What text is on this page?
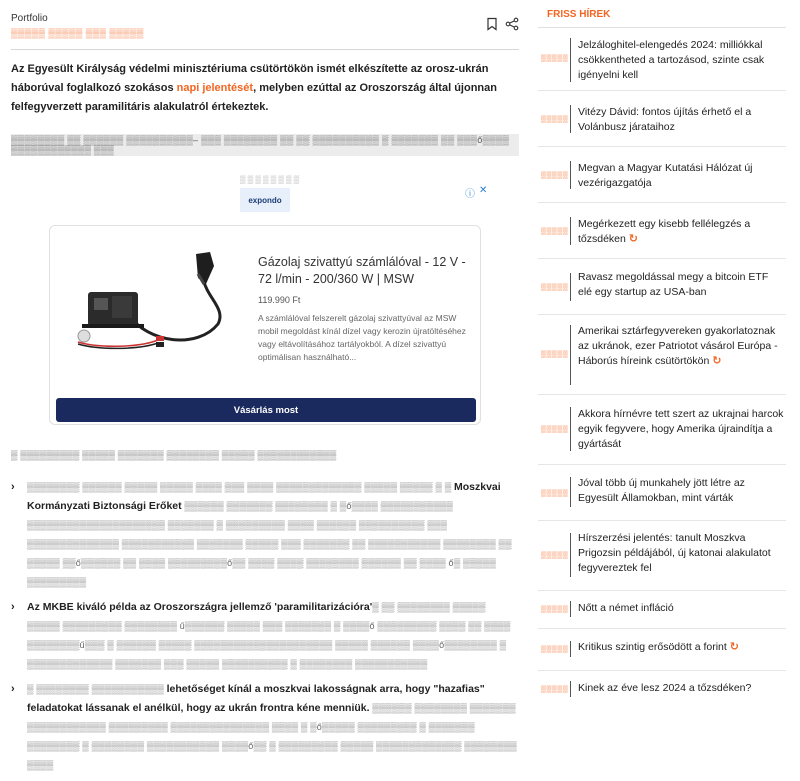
Portfolio
▒▒▒▒▒ ▒▒▒▒▒ ▒▒▒ ▒▒▒▒▒
Az Egyesült Királyság védelmi minisztériuma csütörtökön ismét elkészítette az orosz-ukrán háborúval foglalkozó szokásos napi jelentését, melyben ezúttal az Oroszország által újonnan felfegyverzett paramilitáris alakulatról értekeztek.
▒▒▒▒▒▒▒▒ ▒▒ ▒▒▒▒▒▒ ▒▒▒▒▒▒▒▒▒▒– ▒▒▒ ▒▒▒▒▒▒▒▒ ▒▒ ▒▒ ▒▒▒▒▒▒▒▒▒▒ ▒ ▒▒▒▒▒▒▒ ▒▒ ▒▒▒ő▒▒▒▒ ▒▒▒▒▒▒▒▒▒▒▒▒ ▒▒▒
▒▒▒▒▒▒▒▒
expondo	ⓘ ✕
Gázolaj szivattyú számlálóval - 12 V - 72 l/min - 200/360 W | MSW
119.990 Ft
A számlálóval felszerelt gázolaj szivattyúval az MSW mobil megoldást kínál dízel vagy kerozin újratöltéséhez vagy eltávolításához tartályokból. A dízel szivattyú optimálisan használható...
Vásárlás most
▒ ▒▒▒▒▒▒▒▒▒ ▒▒▒▒▒ ▒▒▒▒▒▒▒ ▒▒▒▒▒▒▒▒ ▒▒▒▒▒ ▒▒▒▒▒▒▒▒▒▒▒▒
› ▒▒▒▒▒▒▒▒ ▒▒▒▒▒▒ ▒▒▒▒▒ ▒▒▒▒▒ ▒▒▒▒ ▒▒▒ ▒▒▒▒ ▒▒▒▒▒▒▒▒▒▒▒▒▒ ▒▒▒▒▒ ▒▒▒▒▒ ▒ ▒ Moszkvai Kormányzati Biztonsági Erőket ▒▒▒▒▒▒ ▒▒▒▒▒▒▒ ▒▒▒▒▒▒▒▒ ▒ ▒ő▒▒▒▒ ▒▒▒▒▒▒▒▒▒▒▒ ▒▒▒▒▒▒▒▒▒▒▒▒▒▒▒▒▒▒▒▒▒ ▒▒▒▒▒▒▒ ▒ ▒▒▒▒▒▒▒▒▒ ▒▒▒▒ ▒▒▒▒▒▒ ▒▒▒▒▒▒▒▒▒▒ ▒▒▒ ▒▒▒▒▒▒▒▒▒▒▒▒▒▒ ▒▒▒▒▒▒▒▒▒▒▒ ▒▒▒▒▒▒▒ ▒▒▒▒▒ ▒▒▒ ▒▒▒▒▒▒▒ ▒▒ ▒▒▒▒▒▒▒▒▒▒▒ ▒▒▒▒▒▒▒▒ ▒▒ ▒▒▒▒▒ ▒▒ő▒▒▒▒▒▒ ▒▒ ▒▒▒▒ ▒▒▒▒▒▒▒▒▒ő▒▒ ▒▒▒▒ ▒▒▒▒ ▒▒▒▒▒▒▒▒ ▒▒▒▒▒▒ ▒▒ ▒▒▒▒ ő▒ ▒▒▒▒▒ ▒▒▒▒▒▒▒▒▒
› Az MKBE kiváló példa az Oroszországra jellemző 'paramilitarizációra'▒ ▒▒ ▒▒▒▒▒▒▒▒ ▒▒▒▒▒ ▒▒▒▒▒ ▒▒▒▒▒▒▒▒▒ ▒▒▒▒▒▒▒▒ ű▒▒▒▒▒▒ ▒▒▒▒▒ ▒▒▒ ▒▒▒▒▒▒▒ ▒ ▒▒▒▒ő ▒▒▒▒▒▒▒▒▒ ▒▒▒▒ ▒▒ ▒▒▒▒ ▒▒▒▒▒▒▒▒ű▒▒▒ ▒ ▒▒▒▒▒▒ ▒▒▒▒▒ ▒▒▒▒▒▒▒▒▒▒▒▒▒▒▒▒▒▒▒▒▒ ▒▒▒▒▒ ▒▒▒▒▒▒ ▒▒▒▒ő▒▒▒▒▒▒▒▒ ▒ ▒▒▒▒▒▒▒▒▒▒▒▒▒ ▒▒▒▒▒▒▒ ▒▒▒ ▒▒▒▒▒ ▒▒▒▒▒▒▒▒▒▒ ▒ ▒▒▒▒▒▒▒▒ ▒▒▒▒▒▒▒▒▒▒▒
› ▒ ▒▒▒▒▒▒▒▒ ▒▒▒▒▒▒▒▒▒▒▒ lehetőséget kínál a moszkvai lakosságnak arra, hogy "hazafias" feladatokat lássanak el anélkül, hogy az ukrán frontra kéne menniük. ▒▒▒▒▒▒ ▒▒▒▒▒▒▒▒ ▒▒▒▒▒▒▒ ▒▒▒▒▒▒▒▒▒▒▒▒ ▒▒▒▒▒▒▒▒▒ ▒▒▒▒▒▒▒▒▒▒▒▒▒▒▒ ▒▒▒▒ ▒ ▒ő▒▒▒▒▒ ▒▒▒▒▒▒▒▒▒ ▒ ▒▒▒▒▒▒▒ ▒▒▒▒▒▒▒▒ ▒ ▒▒▒▒▒▒▒▒ ▒▒▒▒▒▒▒▒▒▒▒ ▒▒▒▒ő▒▒ ▒ ▒▒▒▒▒▒▒▒▒ ▒▒▒▒▒ ▒▒▒▒▒▒▒▒▒▒▒▒▒ ▒▒▒▒▒▒▒▒ ▒▒▒▒
FRISS HÍREK
▒▒▒▒▒
Jelzáloghitel-elengedés 2024: milliókkal csökkentheted a tartozásod, szinte csak igényelni kell
▒▒▒▒▒
Vitézy Dávid: fontos újítás érhető el a Volánbusz járataihoz
▒▒▒▒▒
Megvan a Magyar Kutatási Hálózat új vezérigazgatója
▒▒▒▒▒
Megérkezett egy kisebb fellélegzés a tőzsdéken ↻
▒▒▒▒▒
Ravasz megoldással megy a bitcoin ETF elé egy startup az USA-ban
▒▒▒▒▒
Amerikai sztárfegyvereken gyakorlatoznak az ukránok, ezer Patriotot vásárol Európa - Háborús híreink csütörtökön ↻
▒▒▒▒▒
Akkora hírnévre tett szert az ukrajnai harcok egyik fegyvere, hogy Amerika újraindítja a gyártását
▒▒▒▒▒
Jóval több új munkahely jött létre az Egyesült Államokban, mint várták
▒▒▒▒▒
Hírszerzési jelentés: tanult Moszkva Prigozsin példájából, új katonai alakulatot fegyvereztek fel
▒▒▒▒▒ Nőtt a német infláció
▒▒▒▒▒ Kritikus szintig erősödött a forint ↻
▒▒▒▒▒ Kinek az éve lesz 2024 a tőzsdéken?
